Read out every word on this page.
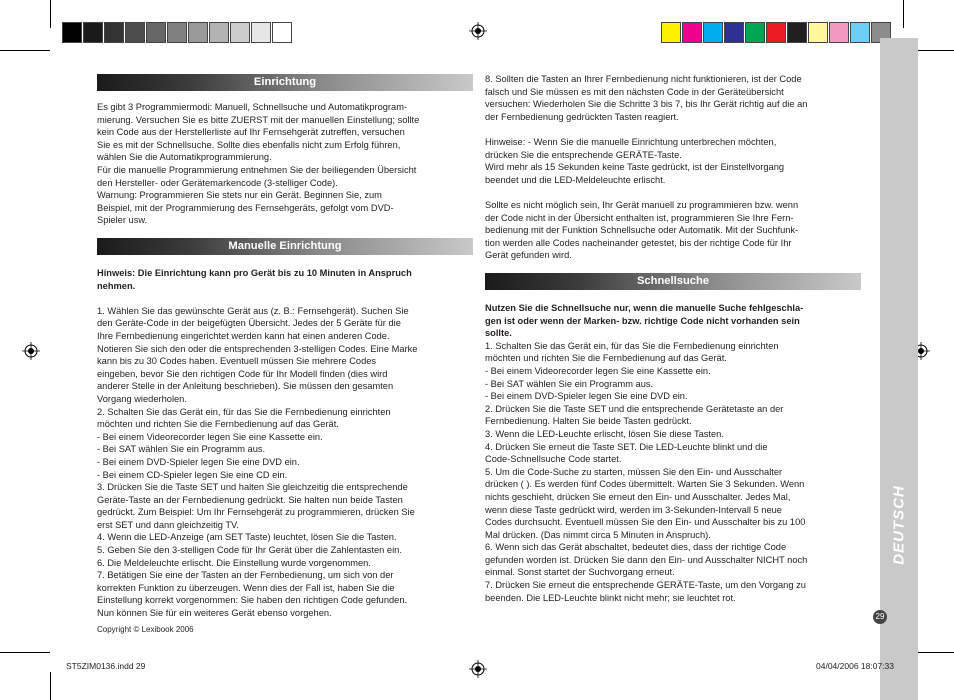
DEUTSCH
29
Einrichtung

Es gibt 3 Programmiermodi: Manuell, Schnellsuche und Automatikprogram-

mierung. Versuchen Sie es bitte ZUERST mit der manuellen Einstellung; sollte

kein Code aus der Herstellerliste auf Ihr Fernsehgerät zutreffen, versuchen

Sie es mit der Schnellsuche. Sollte dies ebenfalls nicht zum Erfolg führen,

wählen Sie die Automatikprogrammierung.

Für die manuelle Programmierung entnehmen Sie der beiliegenden Übersicht

den Hersteller- oder Gerätemarkencode (3-stelliger Code).

Warnung: Programmieren Sie stets nur ein Gerät. Beginnen Sie, zum

Beispiel, mit der Programmierung des Fernsehgeräts, gefolgt vom DVD-

Spieler usw.

Manuelle Einrichtung

Hinweis: Die Einrichtung kann pro Gerät bis zu 10 Minuten in Anspruch

nehmen.

1. Wählen Sie das gewünschte Gerät aus (z. B.: Fernsehgerät). Suchen Sie

den Geräte-Code in der beigefügten Übersicht. Jedes der 5 Geräte für die

Ihre Fernbedienung eingerichtet werden kann hat einen anderen Code.

Notieren Sie sich den oder die entsprechenden 3-stelligen Codes. Eine Marke

kann bis zu 30 Codes haben. Eventuell müssen Sie mehrere Codes

eingeben, bevor Sie den richtigen Code für Ihr Modell finden (dies wird

anderer Stelle in der Anleitung beschrieben). Sie müssen den gesamten

Vorgang wiederholen.

2. Schalten Sie das Gerät ein, für das Sie die Fernbedienung einrichten

möchten und richten Sie die Fernbedienung auf das Gerät.

- Bei einem Videorecorder legen Sie eine Kassette ein.

- Bei SAT wählen Sie ein Programm aus.

- Bei einem DVD-Spieler legen Sie eine DVD ein.

- Bei einem CD-Spieler legen Sie eine CD ein.

3. Drücken Sie die Taste SET und halten Sie gleichzeitig die entsprechende

Geräte-Taste an der Fernbedienung gedrückt. Sie halten nun beide Tasten

gedrückt. Zum Beispiel: Um Ihr Fernsehgerät zu programmieren, drücken Sie

erst SET und dann gleichzeitig TV.

4. Wenn die LED-Anzeige (am SET Taste) leuchtet, lösen Sie die Tasten.

5. Geben Sie den 3-stelligen Code für Ihr Gerät über die Zahlentasten ein.

6. Die Meldeleuchte erlischt. Die Einstellung wurde vorgenommen.

7. Betätigen Sie eine der Tasten an der Fernbedienung, um sich von der

korrekten Funktion zu überzeugen. Wenn dies der Fall ist, haben Sie die

Einstellung korrekt vorgenommen: Sie haben den richtigen Code gefunden.

Nun können Sie für ein weiteres Gerät ebenso vorgehen.

Copyright © Lexibook 2006

8. Sollten die Tasten an Ihrer Fernbedienung nicht funktionieren, ist der Code

falsch und Sie müssen es mit den nächsten Code in der Geräteübersicht

versuchen: Wiederholen Sie die Schritte 3 bis 7, bis Ihr Gerät richtig auf die an

der Fernbedienung gedrückten Tasten reagiert.

Hinweise: - Wenn Sie die manuelle Einrichtung unterbrechen möchten,

drücken Sie die entsprechende GERÄTE-Taste.

Wird mehr als 15 Sekunden keine Taste gedrückt, ist der Einstellvorgang

beendet und die LED-Meldeleuchte erlischt.

Sollte es nicht möglich sein, Ihr Gerät manuell zu programmieren bzw. wenn

der Code nicht in der Übersicht enthalten ist, programmieren Sie Ihre Fern-

bedienung mit der Funktion Schnellsuche oder Automatik. Mit der Suchfunk-

tion werden alle Codes nacheinander getestet, bis der richtige Code für Ihr

Gerät gefunden wird.

Schnellsuche

Nutzen Sie die Schnellsuche nur, wenn die manuelle Suche fehlgeschla-

gen ist oder wenn der Marken- bzw. richtige Code nicht vorhanden sein

sollte.

1. Schalten Sie das Gerät ein, für das Sie die Fernbedienung einrichten

möchten und richten Sie die Fernbedienung auf das Gerät.

- Bei einem Videorecorder legen Sie eine Kassette ein.

- Bei SAT wählen Sie ein Programm aus.

- Bei einem DVD-Spieler legen Sie eine DVD ein.

2. Drücken Sie die Taste SET und die entsprechende Gerätetaste an der

Fernbedienung. Halten Sie beide Tasten gedrückt.

3. Wenn die LED-Leuchte erlischt, lösen Sie diese Tasten.

4. Drücken Sie erneut die Taste SET. Die LED-Leuchte blinkt und die

Code-Schnellsuche Code startet.

5. Um die Code-Suche zu starten, müssen Sie den Ein- und Ausschalter

drücken ( ). Es werden fünf Codes übermittelt. Warten Sie 3 Sekunden. Wenn

nichts geschieht, drücken Sie erneut den Ein- und Ausschalter. Jedes Mal,

wenn diese Taste gedrückt wird, werden im 3-Sekunden-Intervall 5 neue

Codes durchsucht. Eventuell müssen Sie den Ein- und Ausschalter bis zu 100

Mal drücken. (Das nimmt circa 5 Minuten in Anspruch).

6. Wenn sich das Gerät abschaltet, bedeutet dies, dass der richtige Code

gefunden worden ist. Drücken Sie dann den Ein- und Ausschalter NICHT noch

einmal. Sonst startet der Suchvorgang erneut.

7. Drücken Sie erneut die entsprechende GERÄTE-Taste, um den Vorgang zu

beenden. Die LED-Leuchte blinkt nicht mehr; sie leuchtet rot.

ST5ZIM0136.indd 29	04/04/2006 18:07:33
